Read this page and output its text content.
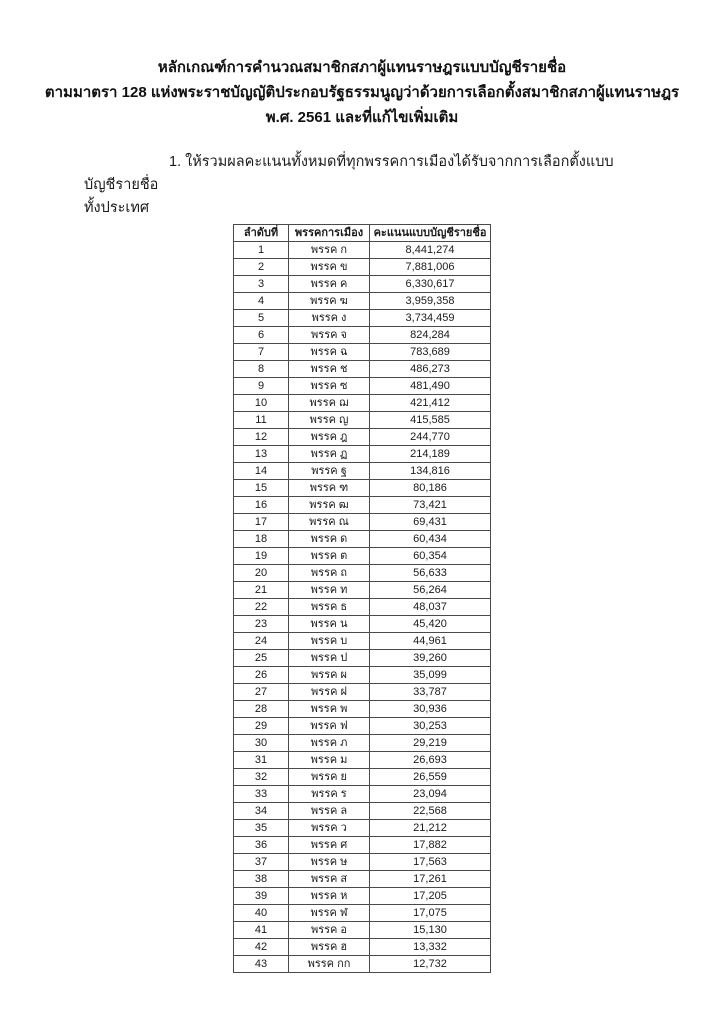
หลักเกณฑ์การคำนวณสมาชิกสภาผู้แทนราษฎรแบบบัญชีรายชื่อ
ตามมาตรา 128 แห่งพระราชบัญญัติประกอบรัฐธรรมนูญว่าด้วยการเลือกตั้งสมาชิกสภาผู้แทนราษฎร
พ.ศ. 2561 และที่แก้ไขเพิ่มเติม
1. ให้รวมผลคะแนนทั้งหมดที่ทุกพรรคการเมืองได้รับจากการเลือกตั้งแบบบัญชีรายชื่อ
ทั้งประเทศ
ลำดับที่	พรรคการเมือง	คะแนนแบบบัญชีรายชื่อ
1	พรรค ก	8,441,274
2	พรรค ข	7,881,006
3	พรรค ค	6,330,617
4	พรรค ฆ	3,959,358
5	พรรค ง	3,734,459
6	พรรค จ	824,284
7	พรรค ฉ	783,689
8	พรรค ช	486,273
9	พรรค ซ	481,490
10	พรรค ฌ	421,412
11	พรรค ญ	415,585
12	พรรค ฎ	244,770
13	พรรค ฏ	214,189
14	พรรค ฐ	134,816
15	พรรค ฑ	80,186
16	พรรค ฒ	73,421
17	พรรค ณ	69,431
18	พรรค ด	60,434
19	พรรค ต	60,354
20	พรรค ถ	56,633
21	พรรค ท	56,264
22	พรรค ธ	48,037
23	พรรค น	45,420
24	พรรค บ	44,961
25	พรรค ป	39,260
26	พรรค ผ	35,099
27	พรรค ฝ	33,787
28	พรรค พ	30,936
29	พรรค ฟ	30,253
30	พรรค ภ	29,219
31	พรรค ม	26,693
32	พรรค ย	26,559
33	พรรค ร	23,094
34	พรรค ล	22,568
35	พรรค ว	21,212
36	พรรค ศ	17,882
37	พรรค ษ	17,563
38	พรรค ส	17,261
39	พรรค ห	17,205
40	พรรค ฬ	17,075
41	พรรค อ	15,130
42	พรรค ฮ	13,332
43	พรรค กก	12,732
